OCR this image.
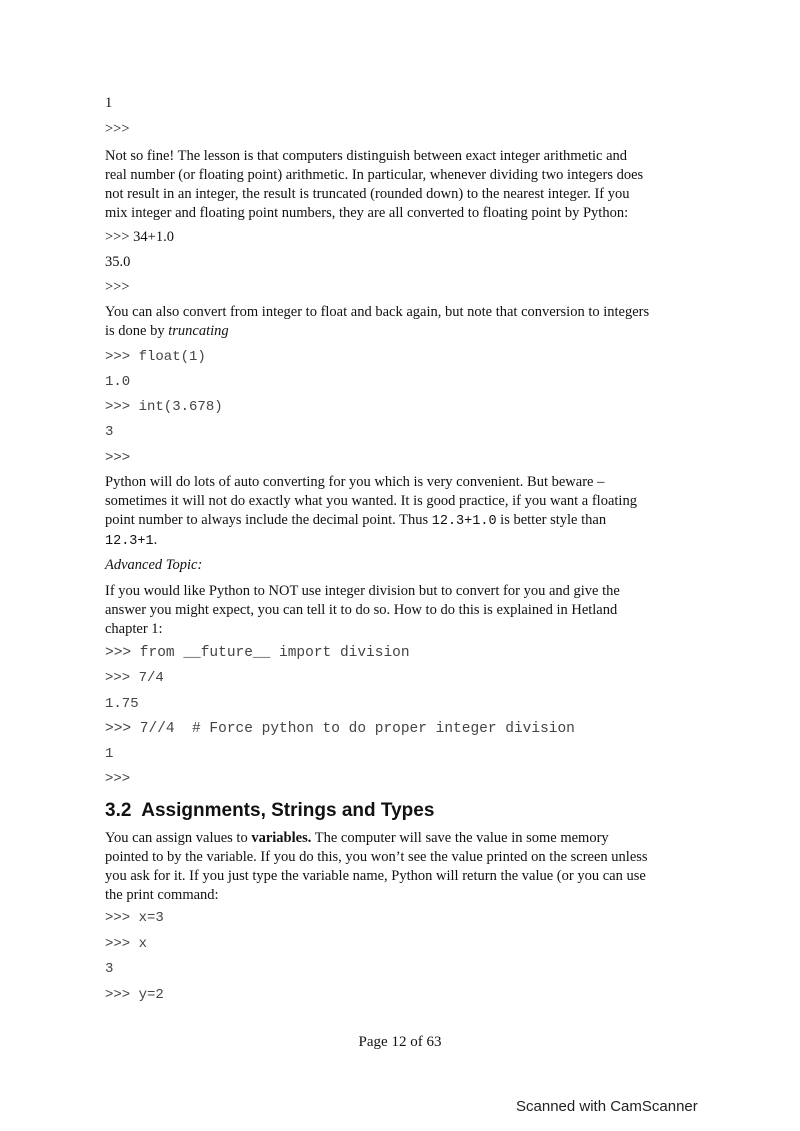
1
>>>
Not so fine! The lesson is that computers distinguish between exact integer arithmetic and
real number (or floating point) arithmetic. In particular, whenever dividing two integers does
not result in an integer, the result is truncated (rounded down) to the nearest integer. If you
mix integer and floating point numbers, they are all converted to floating point by Python:
>>> 34+1.0
35.0
>>>
You can also convert from integer to float and back again, but note that conversion to integers
is done by truncating
>>> float(1)
1.0
>>> int(3.678)
3
>>>
Python will do lots of auto converting for you which is very convenient. But beware –
sometimes it will not do exactly what you wanted. It is good practice, if you want a floating
point number to always include the decimal point. Thus 12.3+1.0 is better style than
12.3+1.
Advanced Topic:
If you would like Python to NOT use integer division but to convert for you and give the
answer you might expect, you can tell it to do so. How to do this is explained in Hetland
chapter 1:
>>> from __future__ import division
>>> 7/4
1.75
>>> 7//4  # Force python to do proper integer division
1
>>>
3.2  Assignments, Strings and Types
You can assign values to variables. The computer will save the value in some memory
pointed to by the variable. If you do this, you won’t see the value printed on the screen unless
you ask for it. If you just type the variable name, Python will return the value (or you can use
the print command:
>>> x=3
>>> x
3
>>> y=2
Page 12 of 63
Scanned with CamScanner
